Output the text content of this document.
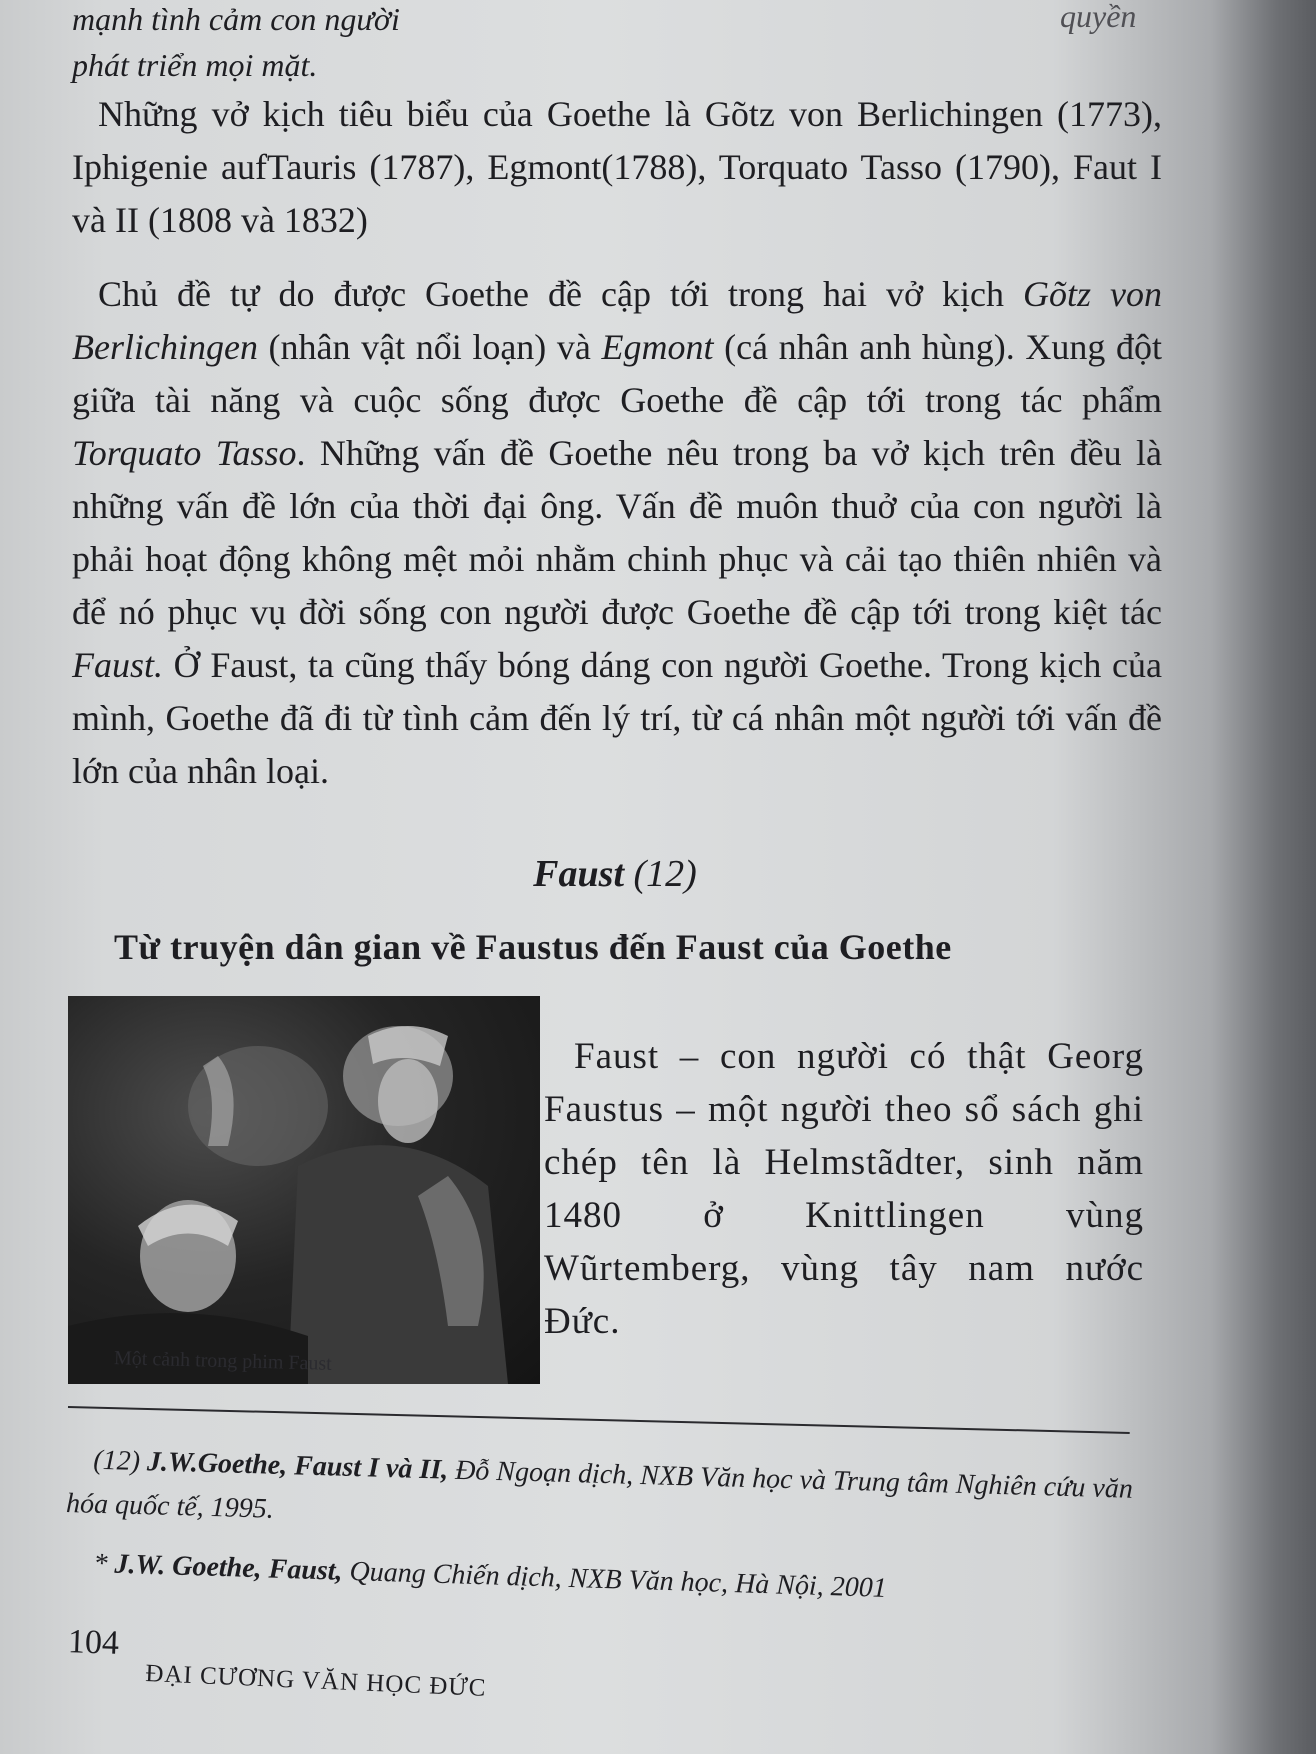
mạnh tình cảm con người
phát triển mọi mặt.
quyền

Những vở kịch tiêu biểu của Goethe là Gõtz von Berlichingen (1773), Iphigenie aufTauris (1787), Egmont(1788), Torquato Tasso (1790), Faut I và II (1808 và 1832)

Chủ đề tự do được Goethe đề cập tới trong hai vở kịch Gõtz von Berlichingen (nhân vật nổi loạn) và Egmont (cá nhân anh hùng). Xung đột giữa tài năng và cuộc sống được Goethe đề cập tới trong tác phẩm Torquato Tasso. Những vấn đề Goethe nêu trong ba vở kịch trên đều là những vấn đề lớn của thời đại ông. Vấn đề muôn thuở của con người là phải hoạt động không mệt mỏi nhằm chinh phục và cải tạo thiên nhiên và để nó phục vụ đời sống con người được Goethe đề cập tới trong kiệt tác Faust. Ở Faust, ta cũng thấy bóng dáng con người Goethe. Trong kịch của mình, Goethe đã đi từ tình cảm đến lý trí, từ cá nhân một người tới vấn đề lớn của nhân loại.

Faust (12)
Từ truyện dân gian về Faustus đến Faust của Goethe
Một cảnh trong phim Faust

Faust – con người có thật Georg Faustus – một người theo sổ sách ghi chép tên là Helmstãdter, sinh năm 1480 ở Knittlingen vùng Wũrtemberg, vùng tây nam nước Đức.

(12) J.W.Goethe, Faust I và II, Đỗ Ngoạn dịch, NXB Văn học và Trung tâm Nghiên cứu văn hóa quốc tế, 1995.

* J.W. Goethe, Faust, Quang Chiến dịch, NXB Văn học, Hà Nội, 2001
104
ĐẠI CƯƠNG VĂN HỌC ĐỨC
